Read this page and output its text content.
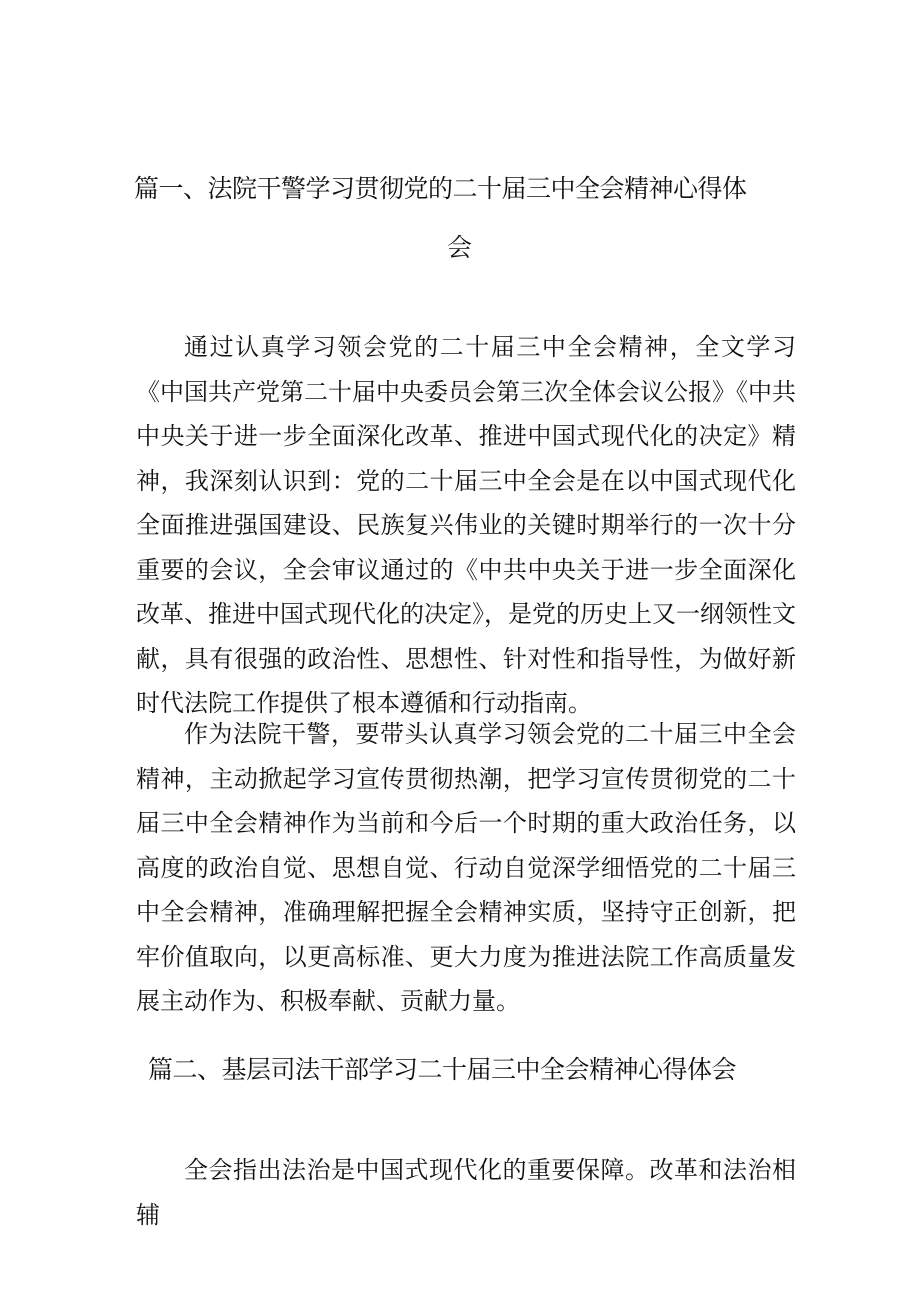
篇一、法院干警学习贯彻党的二十届三中全会精神心得体
会

通过认真学习领会党的二十届三中全会精神，全文学习《中国共产党第二十届中央委员会第三次全体会议公报》《中共中央关于进一步全面深化改革、推进中国式现代化的决定》精神，我深刻认识到：党的二十届三中全会是在以中国式现代化全面推进强国建设、民族复兴伟业的关键时期举行的一次十分重要的会议，全会审议通过的《中共中央关于进一步全面深化改革、推进中国式现代化的决定》，是党的历史上又一纲领性文献，具有很强的政治性、思想性、针对性和指导性，为做好新时代法院工作提供了根本遵循和行动指南。

作为法院干警，要带头认真学习领会党的二十届三中全会精神，主动掀起学习宣传贯彻热潮，把学习宣传贯彻党的二十届三中全会精神作为当前和今后一个时期的重大政治任务，以高度的政治自觉、思想自觉、行动自觉深学细悟党的二十届三中全会精神，准确理解把握全会精神实质，坚持守正创新，把牢价值取向，以更高标准、更大力度为推进法院工作高质量发展主动作为、积极奉献、贡献力量。

篇二、基层司法干部学习二十届三中全会精神心得体会

全会指出法治是中国式现代化的重要保障。改革和法治相辅
